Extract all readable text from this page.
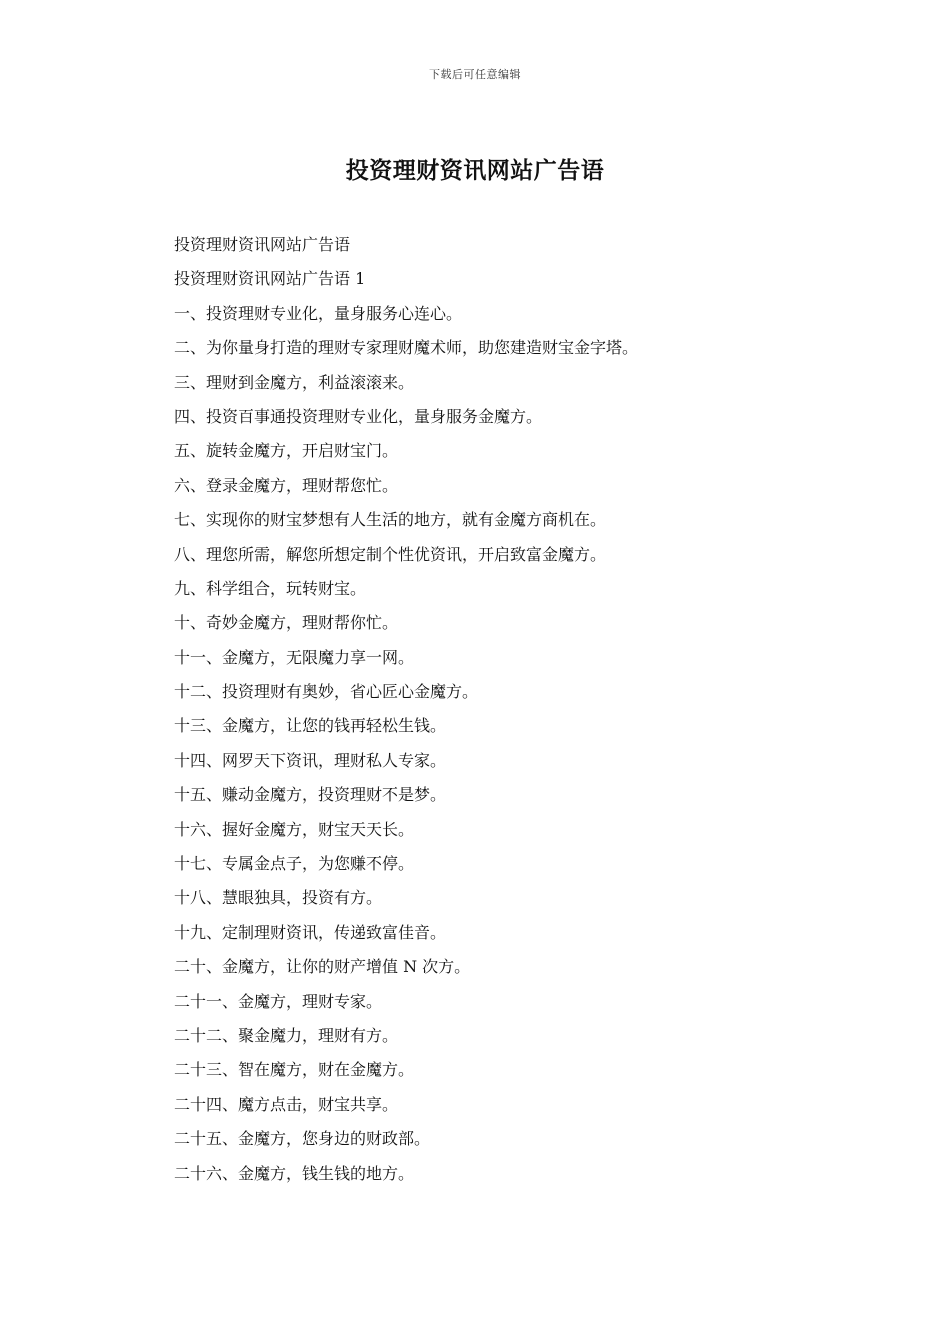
下载后可任意编辑
投资理财资讯网站广告语
投资理财资讯网站广告语
投资理财资讯网站广告语 1
一、投资理财专业化，量身服务心连心。
二、为你量身打造的理财专家理财魔术师，助您建造财宝金字塔。
三、理财到金魔方，利益滚滚来。
四、投资百事通投资理财专业化，量身服务金魔方。
五、旋转金魔方，开启财宝门。
六、登录金魔方，理财帮您忙。
七、实现你的财宝梦想有人生活的地方，就有金魔方商机在。
八、理您所需，解您所想定制个性优资讯，开启致富金魔方。
九、科学组合，玩转财宝。
十、奇妙金魔方，理财帮你忙。
十一、金魔方，无限魔力享一网。
十二、投资理财有奥妙，省心匠心金魔方。
十三、金魔方，让您的钱再轻松生钱。
十四、网罗天下资讯，理财私人专家。
十五、赚动金魔方，投资理财不是梦。
十六、握好金魔方，财宝天天长。
十七、专属金点子，为您赚不停。
十八、慧眼独具，投资有方。
十九、定制理财资讯，传递致富佳音。
二十、金魔方，让你的财产增值 N 次方。
二十一、金魔方，理财专家。
二十二、聚金魔力，理财有方。
二十三、智在魔方，财在金魔方。
二十四、魔方点击，财宝共享。
二十五、金魔方，您身边的财政部。
二十六、金魔方，钱生钱的地方。
